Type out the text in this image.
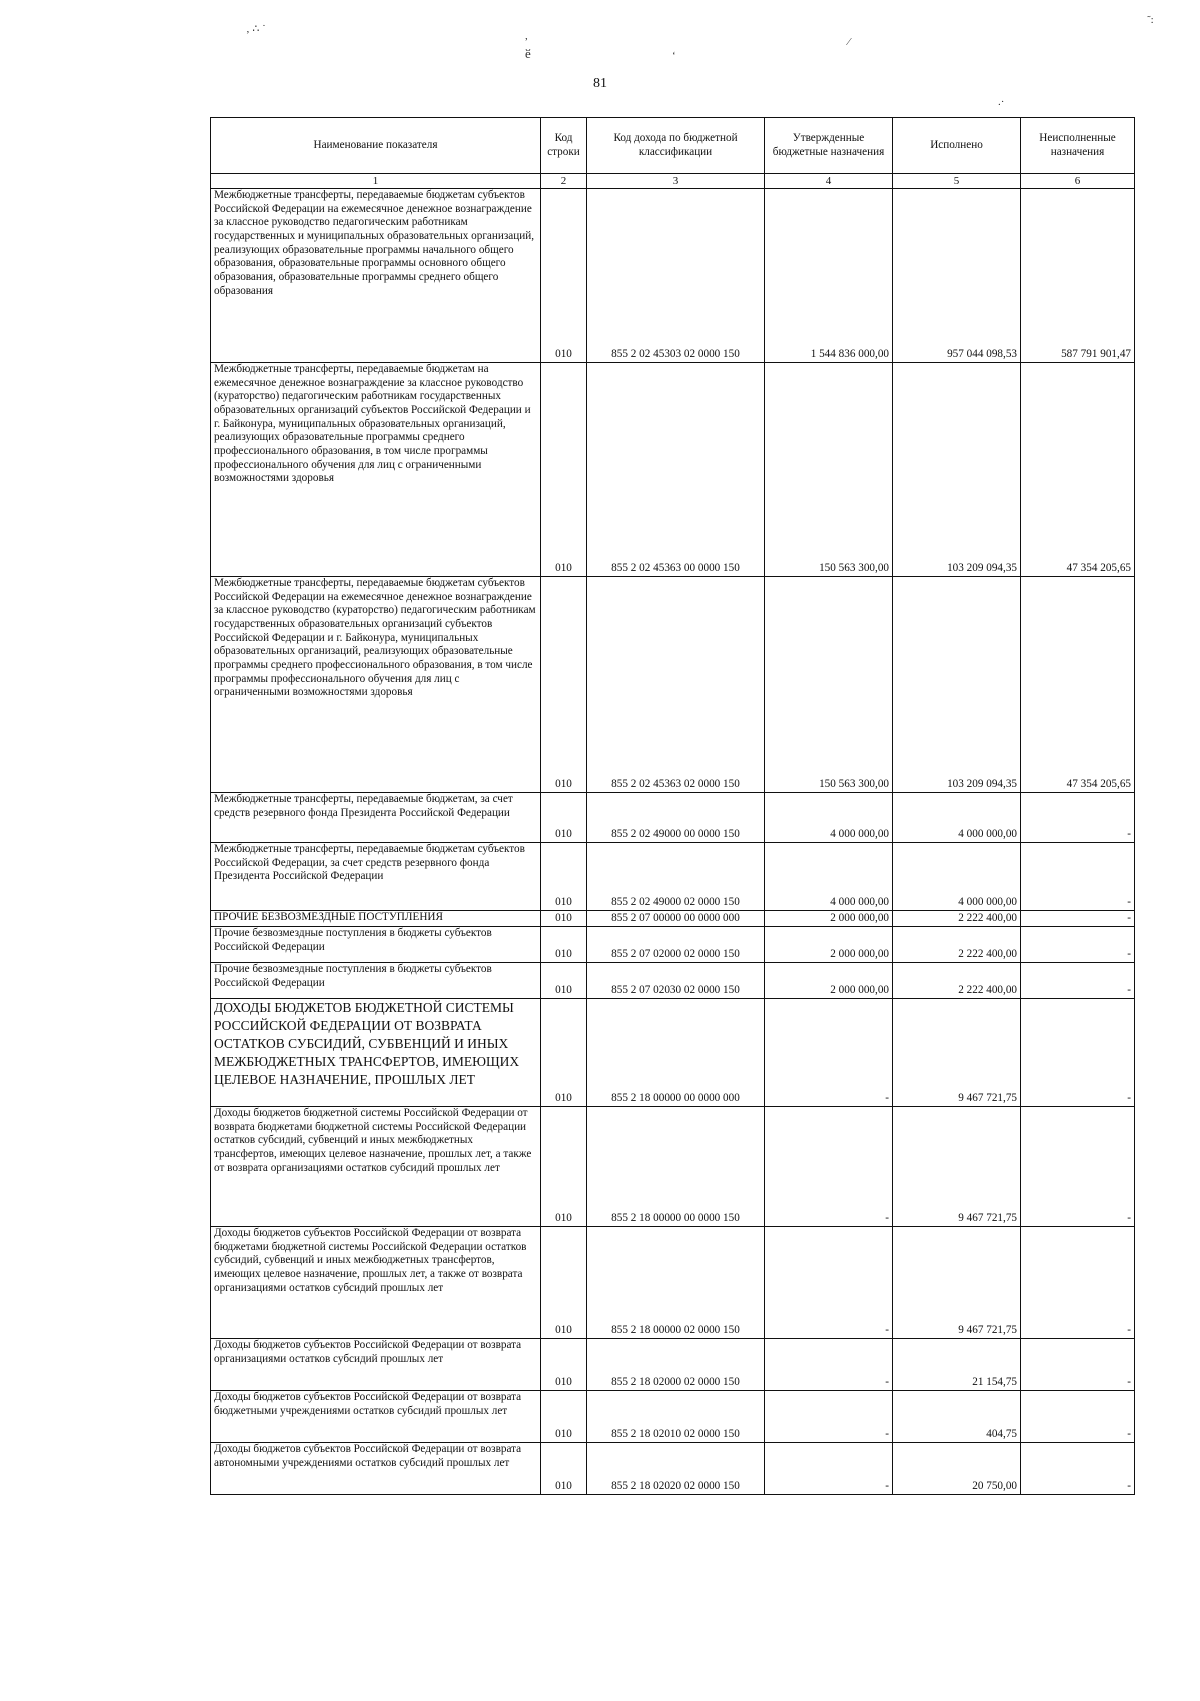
‚ ∴ ˙
,
ӗ	‘
⁄
˜:
.·
81
Наименование показателя	Код строки	Код дохода по бюджетной классификации	Утвержденные бюджетные назначения	Исполнено	Неисполненные назначения
1	2	3	4	5	6
Межбюджетные трансферты, передаваемые бюджетам субъектов Российской Федерации на ежемесячное денежное вознаграждение за классное руководство педагогическим работникам государственных и муниципальных образовательных организаций, реализующих образовательные программы начального общего образования, образовательные программы основного общего образования, образовательные программы среднего общего образования	010	855 2 02 45303 02 0000 150	1 544 836 000,00	957 044 098,53	587 791 901,47
Межбюджетные трансферты, передаваемые бюджетам на ежемесячное денежное вознаграждение за классное руководство (кураторство) педагогическим работникам государственных образовательных организаций субъектов Российской Федерации и г. Байконура, муниципальных образовательных организаций, реализующих образовательные программы среднего профессионального образования, в том числе программы профессионального обучения для лиц с ограниченными возможностями здоровья	010	855 2 02 45363 00 0000 150	150 563 300,00	103 209 094,35	47 354 205,65
Межбюджетные трансферты, передаваемые бюджетам субъектов Российской Федерации на ежемесячное денежное вознаграждение за классное руководство (кураторство) педагогическим работникам государственных образовательных организаций субъектов Российской Федерации и г. Байконура, муниципальных образовательных организаций, реализующих образовательные программы среднего профессионального образования, в том числе программы профессионального обучения для лиц с ограниченными возможностями здоровья	010	855 2 02 45363 02 0000 150	150 563 300,00	103 209 094,35	47 354 205,65
Межбюджетные трансферты, передаваемые бюджетам, за счет средств резервного фонда Президента Российской Федерации	010	855 2 02 49000 00 0000 150	4 000 000,00	4 000 000,00	-
Межбюджетные трансферты, передаваемые бюджетам субъектов Российской Федерации, за счет средств резервного фонда Президента Российской Федерации	010	855 2 02 49000 02 0000 150	4 000 000,00	4 000 000,00	-
ПРОЧИЕ БЕЗВОЗМЕЗДНЫЕ ПОСТУПЛЕНИЯ	010	855 2 07 00000 00 0000 000	2 000 000,00	2 222 400,00	-
Прочие безвозмездные поступления в бюджеты субъектов Российской Федерации	010	855 2 07 02000 02 0000 150	2 000 000,00	2 222 400,00	-
Прочие безвозмездные поступления в бюджеты субъектов Российской Федерации	010	855 2 07 02030 02 0000 150	2 000 000,00	2 222 400,00	-
ДОХОДЫ БЮДЖЕТОВ БЮДЖЕТНОЙ СИСТЕМЫ РОССИЙСКОЙ ФЕДЕРАЦИИ ОТ ВОЗВРАТА ОСТАТКОВ СУБСИДИЙ, СУБВЕНЦИЙ И ИНЫХ МЕЖБЮДЖЕТНЫХ ТРАНСФЕРТОВ, ИМЕЮЩИХ ЦЕЛЕВОЕ НАЗНАЧЕНИЕ, ПРОШЛЫХ ЛЕТ	010	855 2 18 00000 00 0000 000	-	9 467 721,75	-
Доходы бюджетов бюджетной системы Российской Федерации от возврата бюджетами бюджетной системы Российской Федерации остатков субсидий, субвенций и иных межбюджетных трансфертов, имеющих целевое назначение, прошлых лет, а также от возврата организациями остатков субсидий прошлых лет	010	855 2 18 00000 00 0000 150	-	9 467 721,75	-
Доходы бюджетов субъектов Российской Федерации от возврата бюджетами бюджетной системы Российской Федерации остатков субсидий, субвенций и иных межбюджетных трансфертов, имеющих целевое назначение, прошлых лет, а также от возврата организациями остатков субсидий прошлых лет	010	855 2 18 00000 02 0000 150	-	9 467 721,75	-
Доходы бюджетов субъектов Российской Федерации от возврата организациями остатков субсидий прошлых лет	010	855 2 18 02000 02 0000 150	-	21 154,75	-
Доходы бюджетов субъектов Российской Федерации от возврата бюджетными учреждениями остатков субсидий прошлых лет	010	855 2 18 02010 02 0000 150	-	404,75	-
Доходы бюджетов субъектов Российской Федерации от возврата автономными учреждениями остатков субсидий прошлых лет	010	855 2 18 02020 02 0000 150	-	20 750,00	-
